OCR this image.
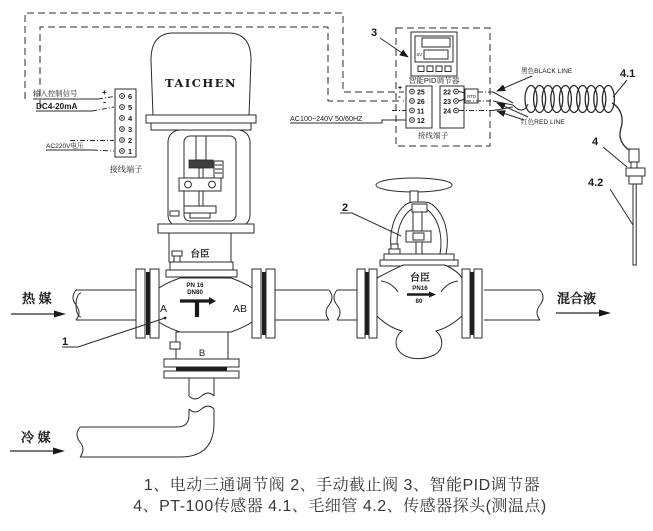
输入控制信号	+
DC4-20mA	-
AC220V电压
接线端子
6
5
4
3
2
1
TAICHEN
台臣
A	AB
PN 16
DN80
1
B
2
台臣
PN16
80
3
SV
智能PID调节器
+
- 25
26
11
12
22
23
24
RTD
接线端子
AC100~240V 50/60HZ
黑色BLACK LINE
红色RED LINE
4.1
4
4.2
热 媒
冷 媒
混合液
1、电动三通调节阀 2、手动截止阀 3、智能PID调节器
4、PT-100传感器 4.1、毛细管 4.2、传感器探头(测温点)
